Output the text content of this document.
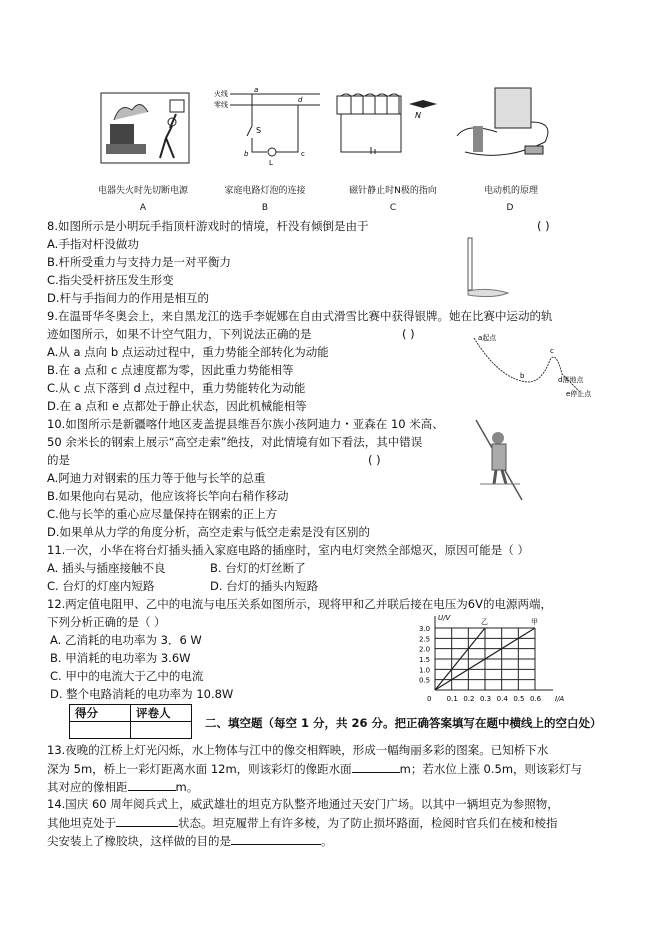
火线
零线
a
d
S
b	c
L
N
电器失火时先切断电源	家庭电路灯泡的连接	磁针静止时N极的指向	电动机的原理
A	B	C	D
8.如图所示是小明玩手指顶杆游戏时的情境，杆没有倾倒是由于	( )
A.手指对杆没做功
B.杆所受重力与支持力是一对平衡力
C.指尖受杆挤压发生形变
D.杆与手指间力的作用是相互的
9.在温哥华冬奥会上，来自黑龙江的选手李妮娜在自由式滑雪比赛中获得银牌。她在比赛中运动的轨
迹如图所示，如果不计空气阻力，下列说法正确的是	( )
A.从 a 点向 b 点运动过程中，重力势能全部转化为动能
B.在 a 点和 c 点速度都为零，因此重力势能相等
C.从 c 点下落到 d 点过程中，重力势能转化为动能
D.在 a 点和 e 点都处于静止状态，因此机械能相等
a起点
b
c
d落地点
e停止点
10.如图所示是新疆喀什地区麦盖提县维吾尔族小孩阿迪力・亚森在 10 米高、
50 余米长的钢索上展示“高空走索”绝技，对此情境有如下看法，其中错误
的是	( )
A.阿迪力对钢索的压力等于他与长竿的总重
B.如果他向右晃动，他应该将长竿向右稍作移动
C.他与长竿的重心应尽量保持在钢索的正上方
D.如果单从力学的角度分析，高空走索与低空走索是没有区别的
11.一次，小华在将台灯插头插入家庭电路的插座时，室内电灯突然全部熄灭，原因可能是（ ）
A. 插头与插座接触不良	B. 台灯的灯丝断了
C. 台灯的灯座内短路	D. 台灯的插头内短路
12.两定值电阻甲、乙中的电流与电压关系如图所示，现将甲和乙并联后接在电压为6V的电源两端，
下列分析正确的是（ ）
A. 乙消耗的电功率为 3．6 W
B. 甲消耗的电功率为 3.6W
C. 甲中的电流大于乙中的电流
D. 整个电路消耗的电功率为 10.8W	0 0.1 0.2 0.3 0.4 0.5 0.6
0.5
1.0
1.5
2.0
2.5
3.0
I/A
U/V	乙	甲
得分	评卷人

二、填空题（每空 1 分，共 26 分。把正确答案填写在题中横线上的空白处）
13.夜晚的江桥上灯光闪烁，水上物体与江中的像交相辉映，形成一幅绚丽多彩的图案。已知桥下水
深为 5m，桥上一彩灯距离水面 12m，则该彩灯的像距水面	m；若水位上涨 0.5m，则该彩灯与
其对应的像相距	m。
14.国庆 60 周年阅兵式上，威武雄壮的坦克方队整齐地通过天安门广场。以其中一辆坦克为参照物，
其他坦克处于	状态。坦克履带上有许多棱，为了防止损坏路面，检阅时官兵们在棱和棱指
尖安装上了橡胶块，这样做的目的是	。
